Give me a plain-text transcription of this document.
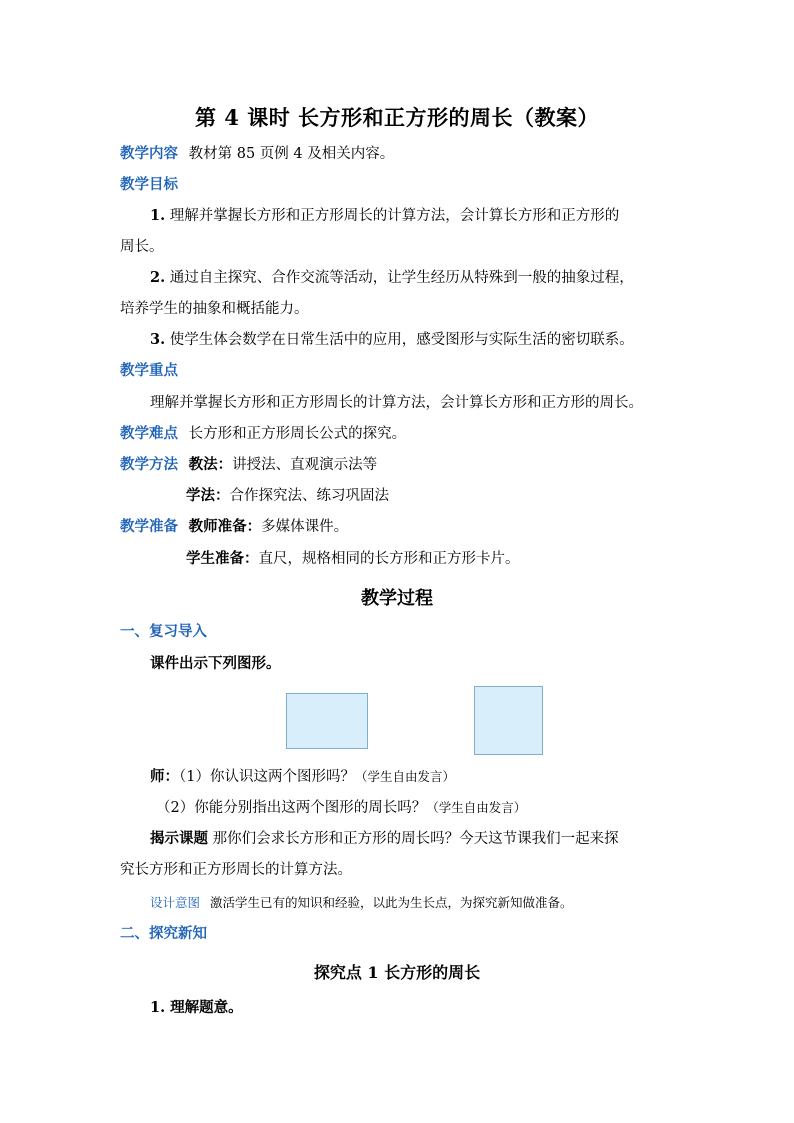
第 4 课时 长方形和正方形的周长（教案）
教学内容 教材第 85 页例 4 及相关内容。
教学目标
1. 理解并掌握长方形和正方形周长的计算方法，会计算长方形和正方形的
周长。
2. 通过自主探究、合作交流等活动，让学生经历从特殊到一般的抽象过程，
培养学生的抽象和概括能力。
3. 使学生体会数学在日常生活中的应用，感受图形与实际生活的密切联系。
教学重点
理解并掌握长方形和正方形周长的计算方法，会计算长方形和正方形的周长。
教学难点 长方形和正方形周长公式的探究。
教学方法 教法：讲授法、直观演示法等
学法：合作探究法、练习巩固法
教学准备 教师准备：多媒体课件。
学生准备：直尺，规格相同的长方形和正方形卡片。
教学过程
一、复习导入
课件出示下列图形。
师：（1）你认识这两个图形吗？（学生自由发言）
（2）你能分别指出这两个图形的周长吗？（学生自由发言）
揭示课题 那你们会求长方形和正方形的周长吗？今天这节课我们一起来探
究长方形和正方形周长的计算方法。
设计意图 激活学生已有的知识和经验，以此为生长点，为探究新知做准备。
二、探究新知
探究点 1 长方形的周长
1. 理解题意。
